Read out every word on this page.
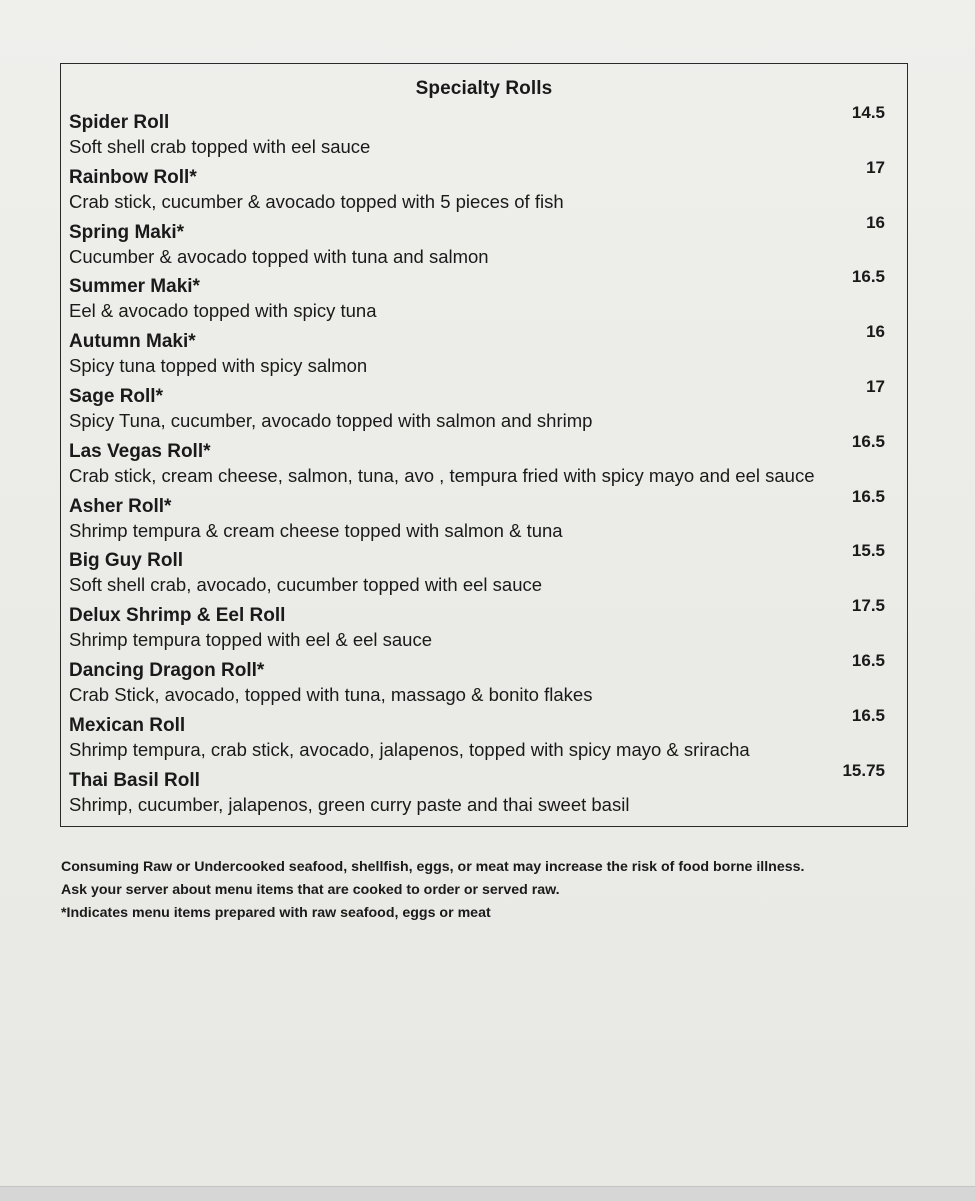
Specialty Rolls
Spider Roll	14.5
Soft shell crab topped with eel sauce
Rainbow Roll*	17
Crab stick, cucumber & avocado topped with 5 pieces of fish
Spring Maki*	16
Cucumber & avocado topped with tuna and salmon
Summer Maki*	16.5
Eel & avocado topped with spicy tuna
Autumn Maki*	16
Spicy tuna topped with spicy salmon
Sage Roll*	17
Spicy Tuna, cucumber, avocado topped with salmon and shrimp
Las Vegas Roll*	16.5
Crab stick, cream cheese, salmon, tuna, avo , tempura fried with spicy mayo and eel sauce
Asher Roll*	16.5
Shrimp tempura & cream cheese topped with salmon & tuna
Big Guy Roll	15.5
Soft shell crab, avocado, cucumber topped with eel sauce
Delux Shrimp & Eel Roll	17.5
Shrimp tempura topped with eel & eel sauce
Dancing Dragon Roll*	16.5
Crab Stick, avocado, topped with tuna, massago & bonito flakes
Mexican Roll	16.5
Shrimp tempura, crab stick, avocado, jalapenos, topped with spicy mayo & sriracha
Thai Basil Roll	15.75
Shrimp, cucumber, jalapenos, green curry paste and thai sweet basil
Consuming Raw or Undercooked seafood, shellfish, eggs, or meat may increase the risk of food borne illness.
Ask your server about menu items that are cooked to order or served raw.
*Indicates menu items prepared with raw seafood, eggs or meat
